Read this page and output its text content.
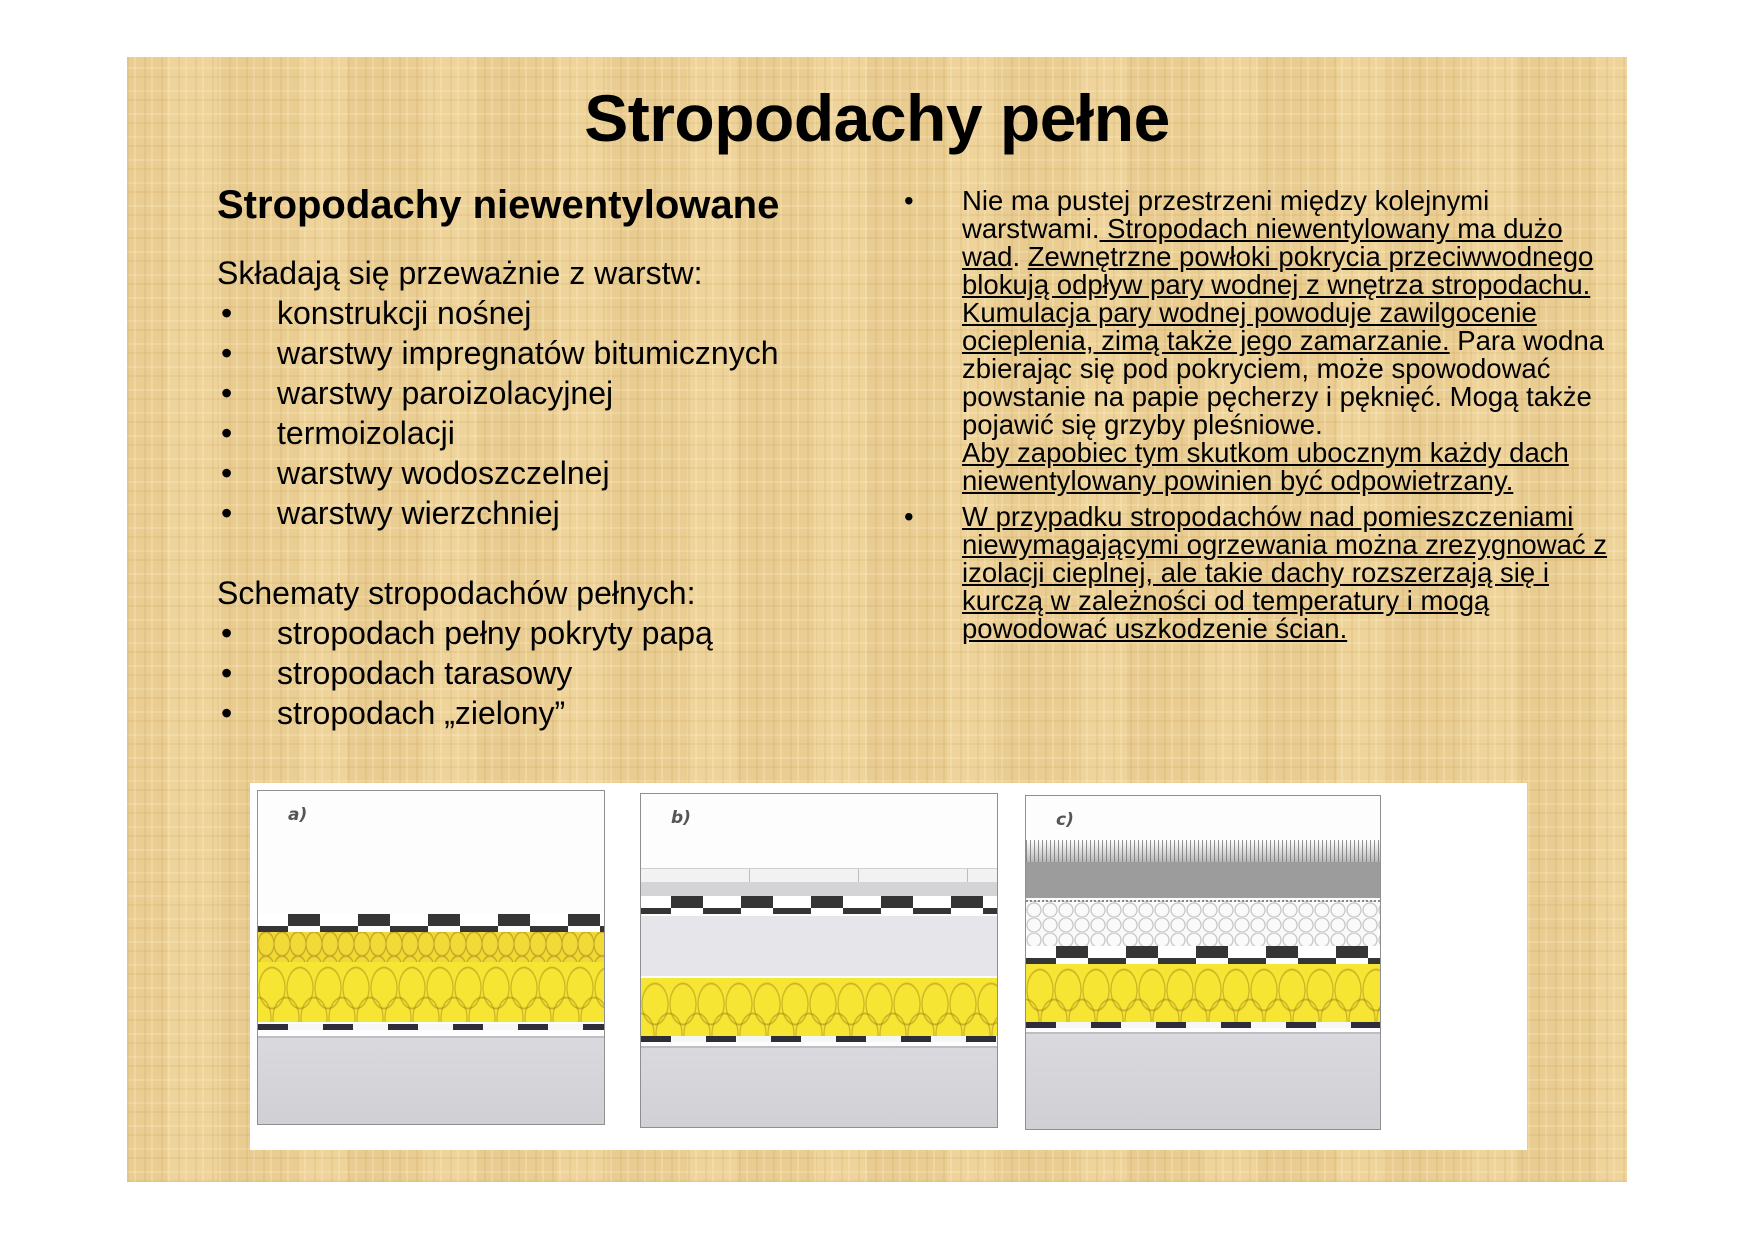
Stropodachy pełne
Stropodachy niewentylowane

Składają się przeważnie z warstw:

•	konstrukcji nośnej
•	warstwy impregnatów bitumicznych
•	warstwy paroizolacyjnej
•	termoizolacji
•	warstwy wodoszczelnej
•	warstwy wierzchniej

Schematy stropodachów pełnych:

•	stropodach pełny pokryty papą
•	stropodach tarasowy
•	stropodach „zielony”
•	Nie ma pustej przestrzeni między kolejnymi warstwami. Stropodach niewentylowany ma dużo wad. Zewnętrzne powłoki pokrycia przeciwwodnego blokują odpływ pary wodnej z wnętrza stropodachu. Kumulacja pary wodnej powoduje zawilgocenie ocieplenia, zimą także jego zamarzanie. Para wodna zbierając się pod pokryciem, może spowodować powstanie na papie pęcherzy i pęknięć. Mogą także pojawić się grzyby pleśniowe.
Aby zapobiec tym skutkom ubocznym każdy dach niewentylowany powinien być odpowietrzany.
•	W przypadku stropodachów nad pomieszczeniami niewymagającymi ogrzewania można zrezygnować z izolacji cieplnej, ale takie dachy rozszerzają się i kurczą w zależności od temperatury i mogą powodować uszkodzenie ścian.
a)	b)	c)
